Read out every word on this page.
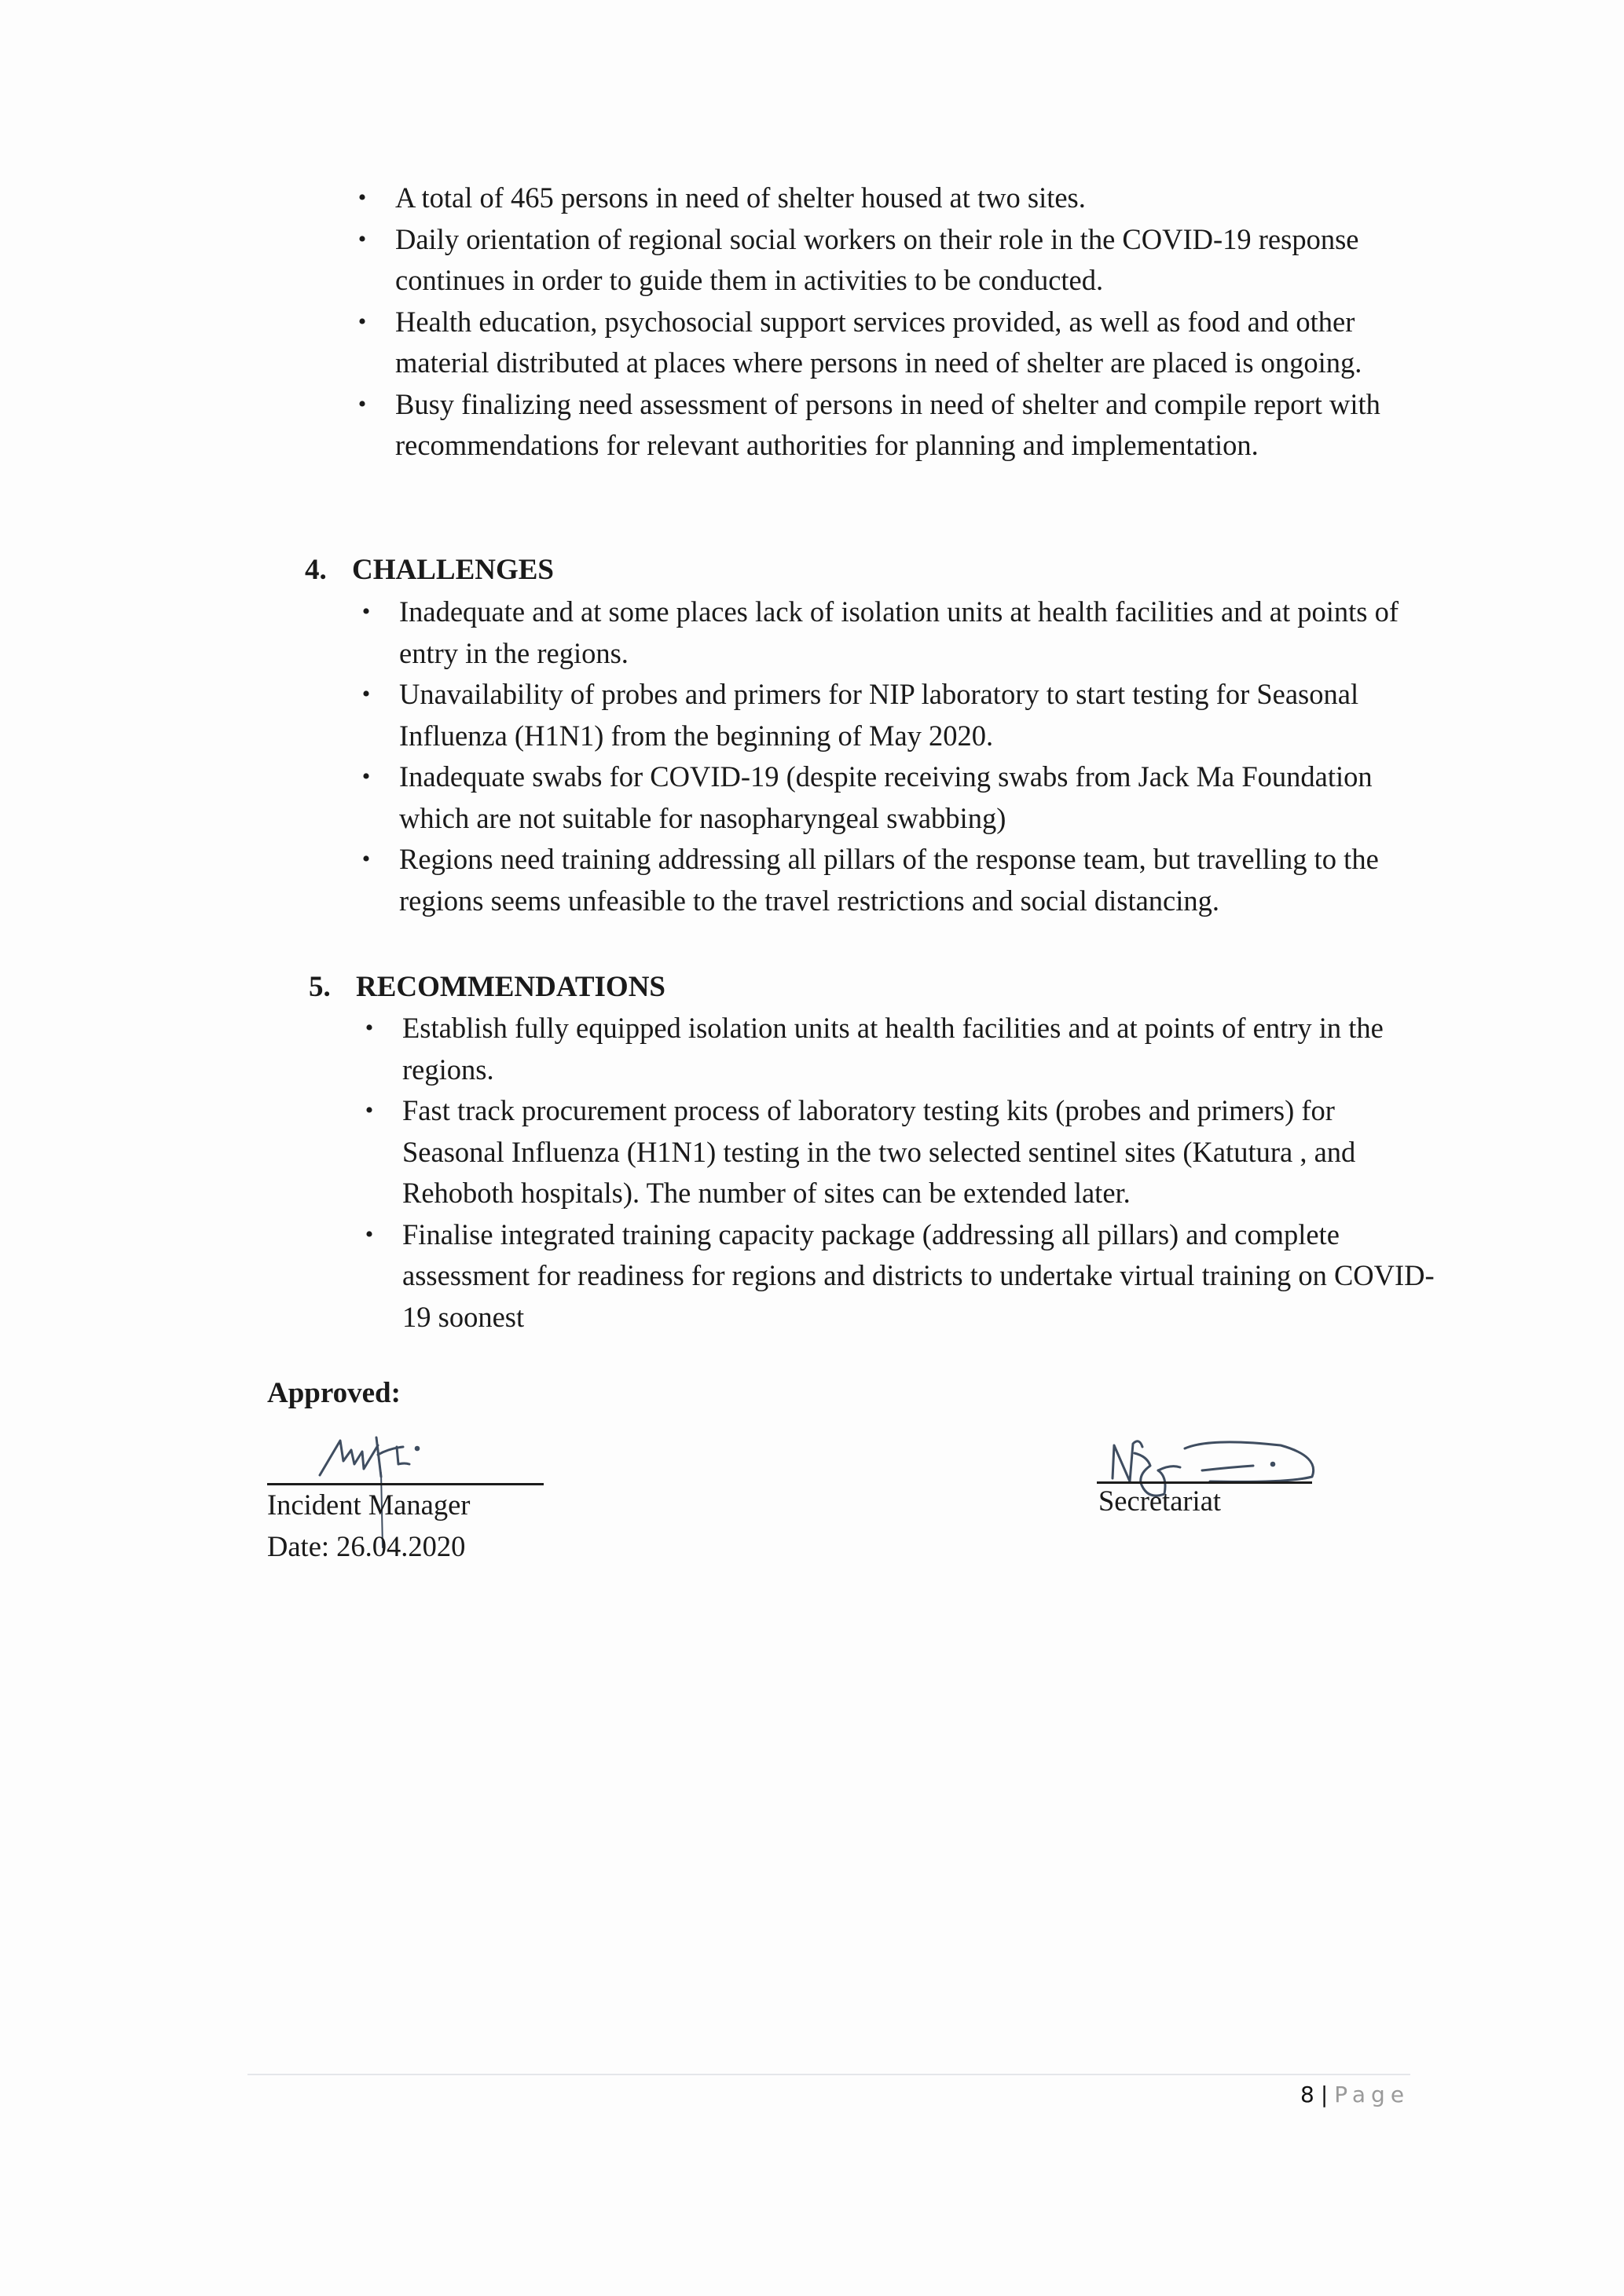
• A total of 465 persons in need of shelter housed at two sites.
• Daily orientation of regional social workers on their role in the COVID-19 response continues in order to guide them in activities to be conducted.
• Health education, psychosocial support services provided, as well as food and other material distributed at places where persons in need of shelter are placed is ongoing.
• Busy finalizing need assessment of persons in need of shelter and compile report with recommendations for relevant authorities for planning and implementation.
4. CHALLENGES
• Inadequate and at some places lack of isolation units at health facilities and at points of entry in the regions.
• Unavailability of probes and primers for NIP laboratory to start testing for Seasonal Influenza (H1N1) from the beginning of May 2020.
• Inadequate swabs for COVID-19 (despite receiving swabs from Jack Ma Foundation which are not suitable for nasopharyngeal swabbing)
• Regions need training addressing all pillars of the response team, but travelling to the regions seems unfeasible to the travel restrictions and social distancing.
5. RECOMMENDATIONS
• Establish fully equipped isolation units at health facilities and at points of entry in the regions.
• Fast track procurement process of laboratory testing kits (probes and primers) for Seasonal Influenza (H1N1) testing in the two selected sentinel sites (Katutura , and Rehoboth hospitals). The number of sites can be extended later.
• Finalise integrated training capacity package (addressing all pillars) and complete assessment for readiness for regions and districts to undertake virtual training on COVID-19 soonest
Approved:
Incident Manager
Date: 26.04.2020
Secretariat
8 | Page
